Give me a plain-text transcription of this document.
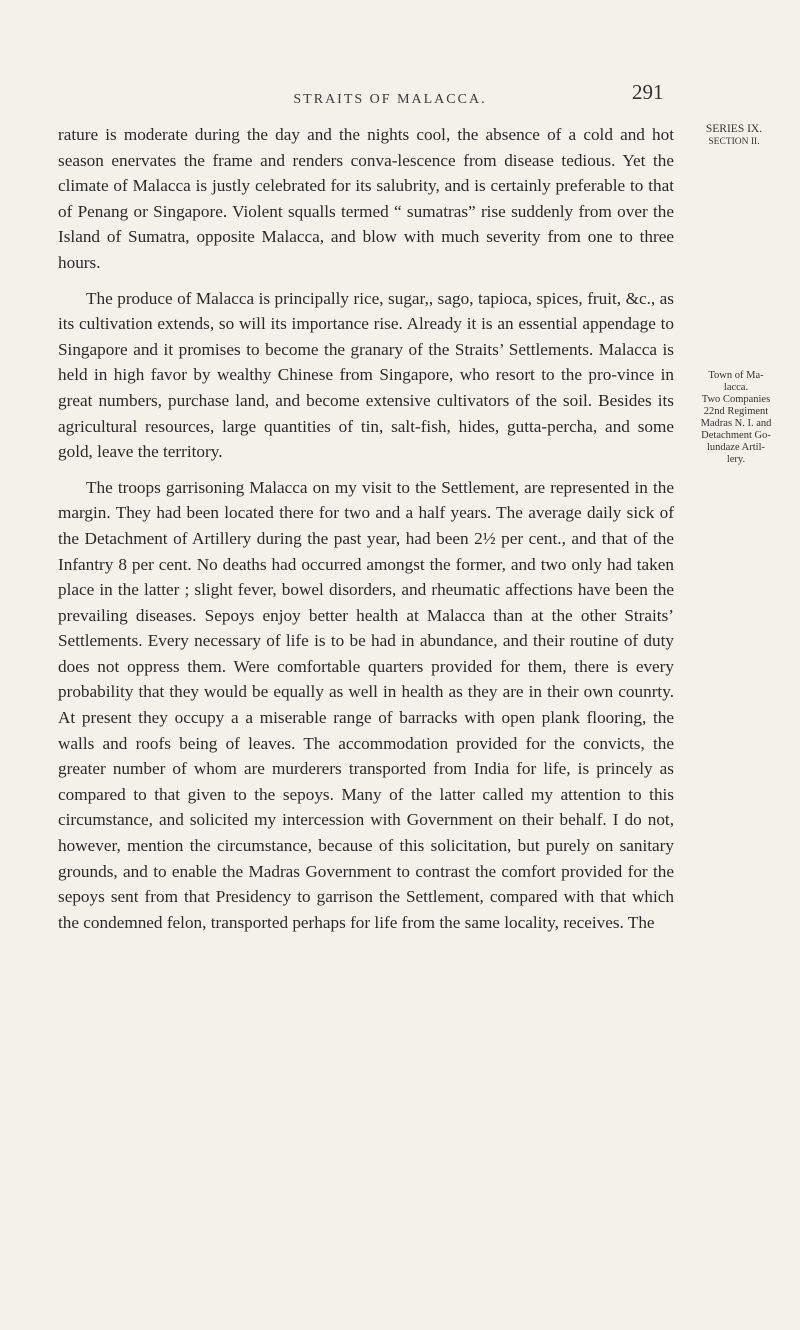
STRAITS OF MALACCA.	291
SERIES IX.
SECTION II.
Town of Ma-
lacca.
Two Companies
22nd Regiment
Madras N. I. and
Detachment Go-
lundaze Artil-
lery.

rature is moderate during the day and the nights cool, the absence of a cold and hot season enervates the frame and renders conva-lescence from disease tedious. Yet the climate of Malacca is justly celebrated for its salubrity, and is certainly preferable to that of Penang or Singapore. Violent squalls termed “ sumatras” rise suddenly from over the Island of Sumatra, opposite Malacca, and blow with much severity from one to three hours.

The produce of Malacca is principally rice, sugar,, sago, tapioca, spices, fruit, &c., as its cultivation extends, so will its importance rise. Already it is an essential appendage to Singapore and it promises to become the granary of the Straits’ Settlements. Malacca is held in high favor by wealthy Chinese from Singapore, who resort to the pro-vince in great numbers, purchase land, and become extensive cultivators of the soil. Besides its agricultural resources, large quantities of tin, salt-fish, hides, gutta-percha, and some gold, leave the territory.

The troops garrisoning Malacca on my visit to the Settlement, are represented in the margin. They had been located there for two and a half years. The average daily sick of the Detachment of Artillery during the past year, had been 2½ per cent., and that of the Infantry 8 per cent. No deaths had occurred amongst the former, and two only had taken place in the latter ; slight fever, bowel disorders, and rheumatic affections have been the prevailing diseases. Sepoys enjoy better health at Malacca than at the other Straits’ Settlements. Every necessary of life is to be had in abundance, and their routine of duty does not oppress them. Were comfortable quarters provided for them, there is every probability that they would be equally as well in health as they are in their own counrty. At present they occupy a a miserable range of barracks with open plank flooring, the walls and roofs being of leaves. The accommodation provided for the convicts, the greater number of whom are murderers transported from India for life, is princely as compared to that given to the sepoys. Many of the latter called my attention to this circumstance, and solicited my intercession with Government on their behalf. I do not, however, mention the circumstance, because of this solicitation, but purely on sanitary grounds, and to enable the Madras Government to contrast the comfort provided for the sepoys sent from that Presidency to garrison the Settlement, compared with that which the condemned felon, transported perhaps for life from the same locality, receives. The
